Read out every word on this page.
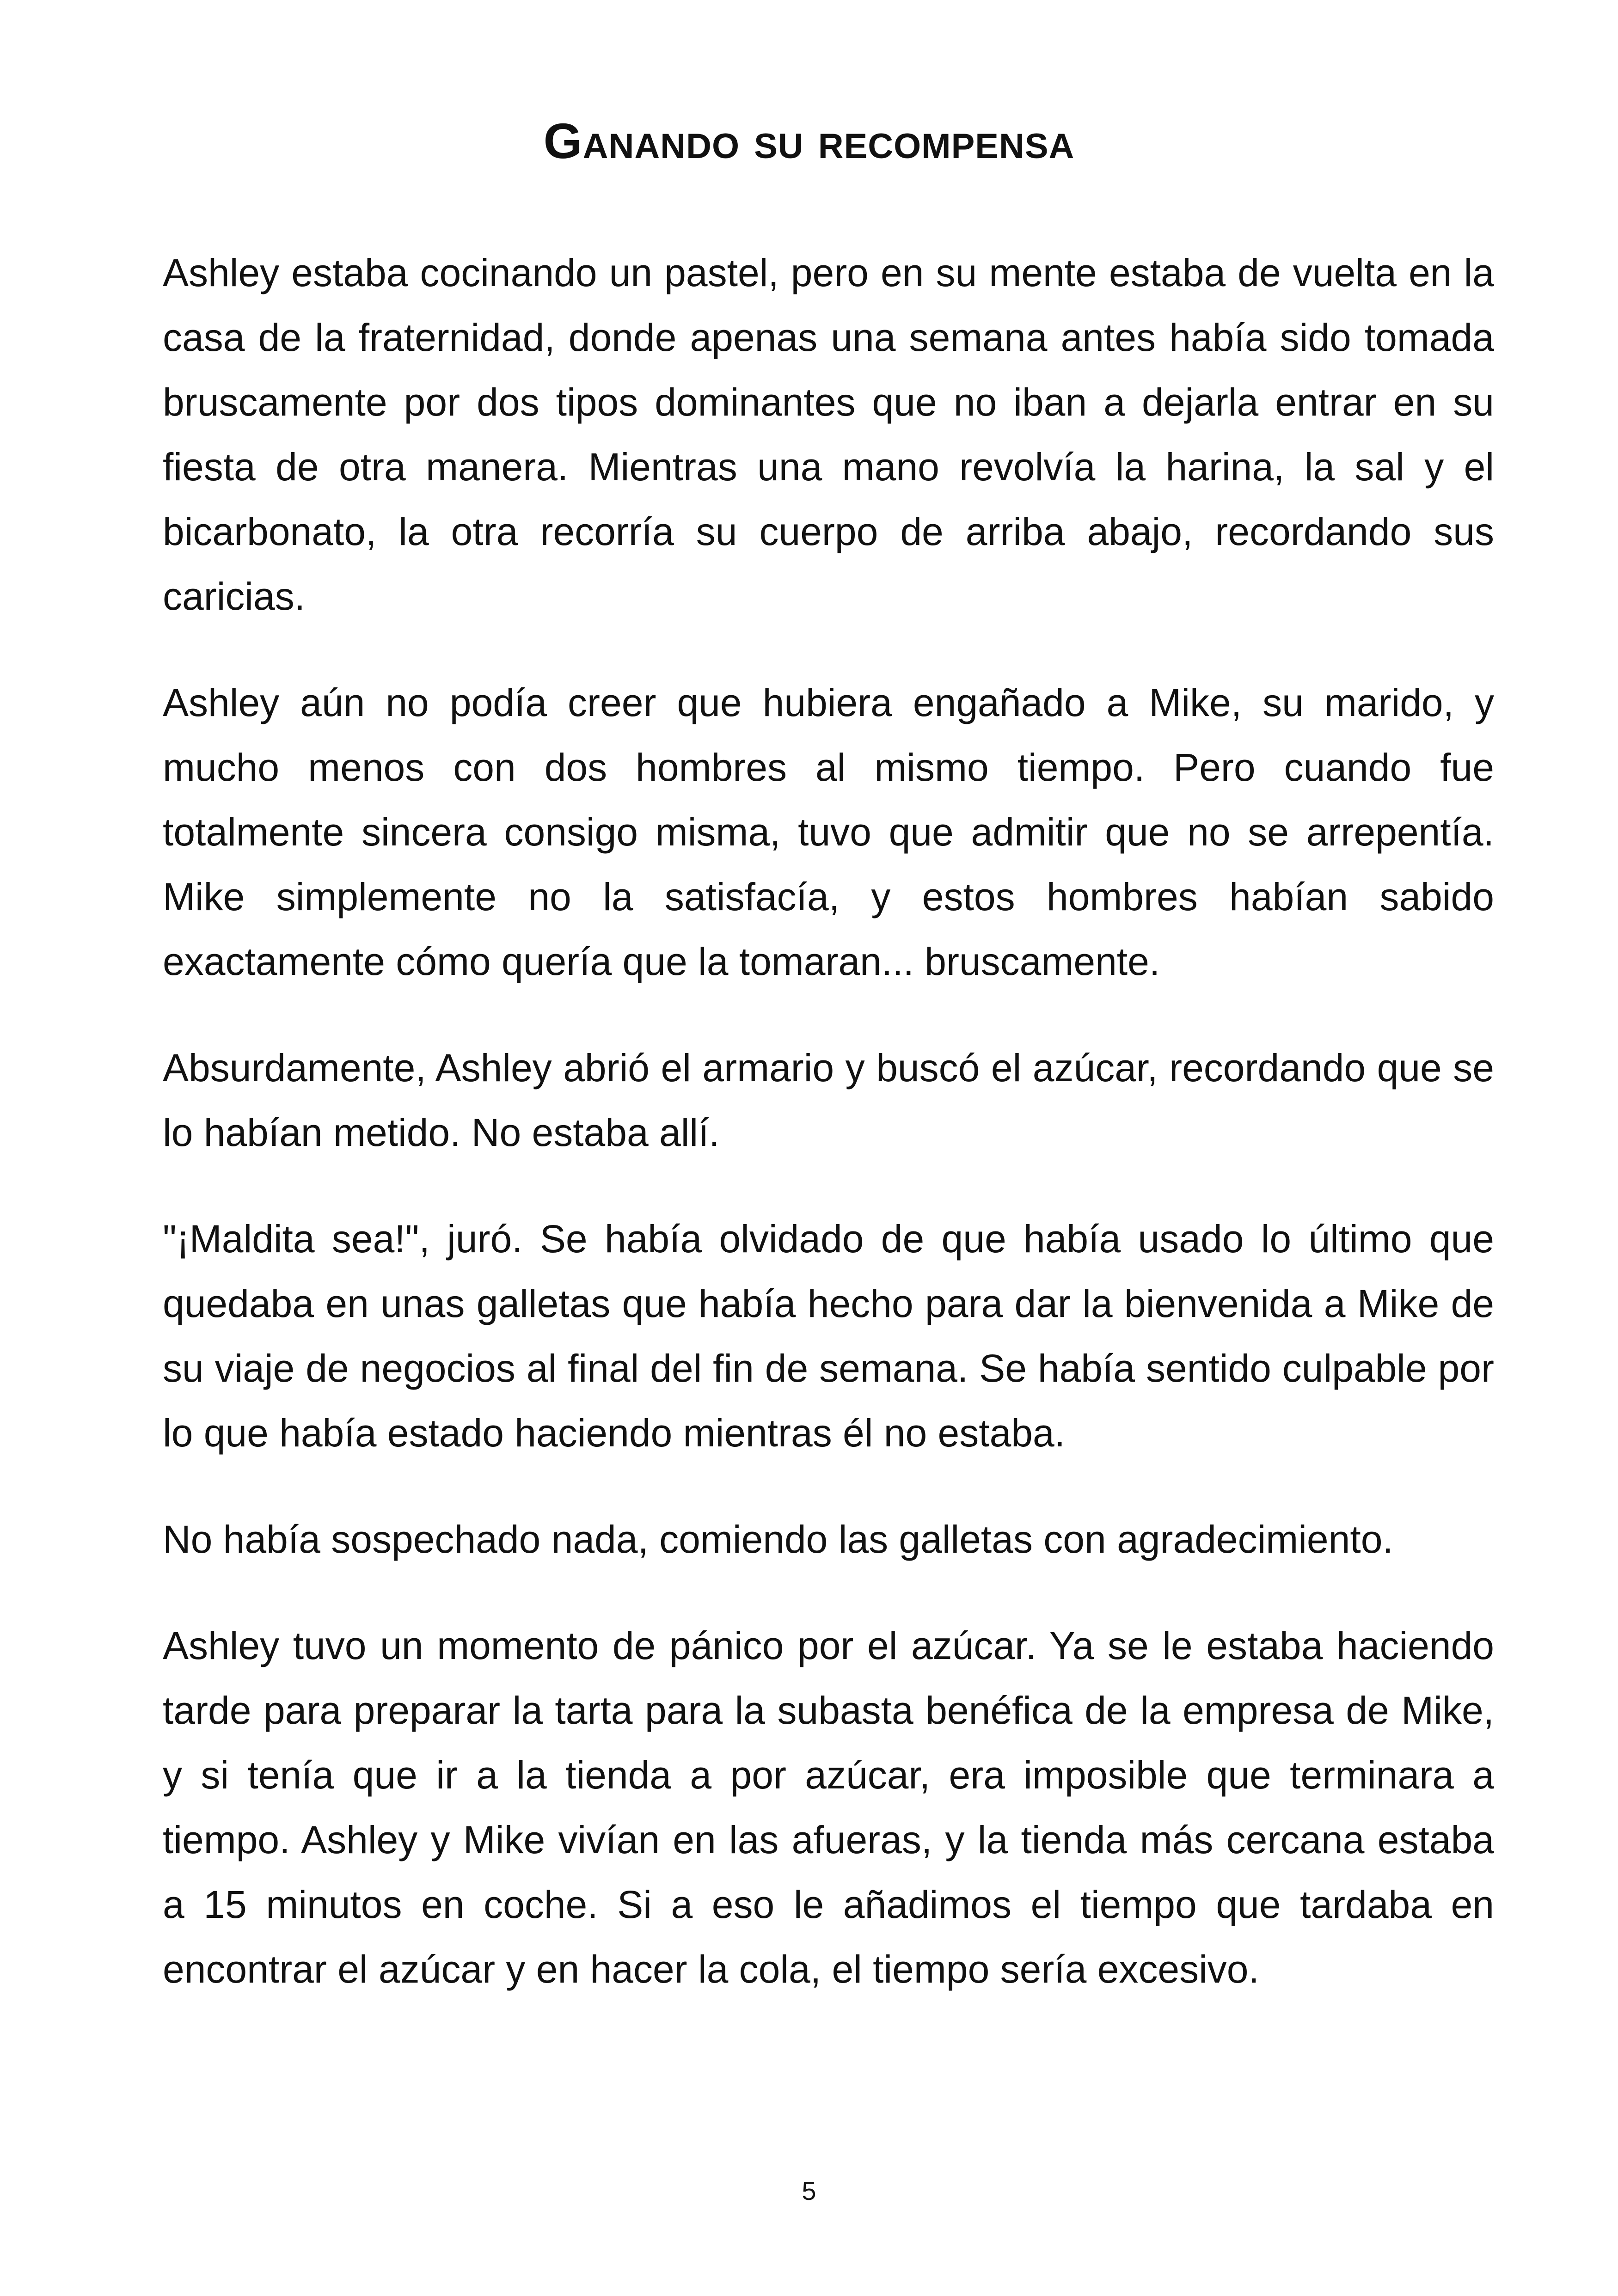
Ganando su recompensa

Ashley estaba cocinando un pastel, pero en su mente estaba de vuelta en la casa de la fraternidad, donde apenas una semana antes había sido tomada bruscamente por dos tipos dominantes que no iban a dejarla entrar en su fiesta de otra manera. Mientras una mano revolvía la harina, la sal y el bicarbonato, la otra recorría su cuerpo de arriba abajo, recordando sus caricias.

Ashley aún no podía creer que hubiera engañado a Mike, su marido, y mucho menos con dos hombres al mismo tiempo. Pero cuando fue totalmente sincera consigo misma, tuvo que admitir que no se arrepentía. Mike simplemente no la satisfacía, y estos hombres habían sabido exactamente cómo quería que la tomaran... bruscamente.

Absurdamente, Ashley abrió el armario y buscó el azúcar, recordando que se lo habían metido. No estaba allí.

"¡Maldita sea!", juró. Se había olvidado de que había usado lo último que quedaba en unas galletas que había hecho para dar la bienvenida a Mike de su viaje de negocios al final del fin de semana. Se había sentido culpable por lo que había estado haciendo mientras él no estaba.

No había sospechado nada, comiendo las galletas con agradecimiento.

Ashley tuvo un momento de pánico por el azúcar. Ya se le estaba haciendo tarde para preparar la tarta para la subasta benéfica de la empresa de Mike, y si tenía que ir a la tienda a por azúcar, era imposible que terminara a tiempo. Ashley y Mike vivían en las afueras, y la tienda más cercana estaba a 15 minutos en coche. Si a eso le añadimos el tiempo que tardaba en encontrar el azúcar y en hacer la cola, el tiempo sería excesivo.

5
